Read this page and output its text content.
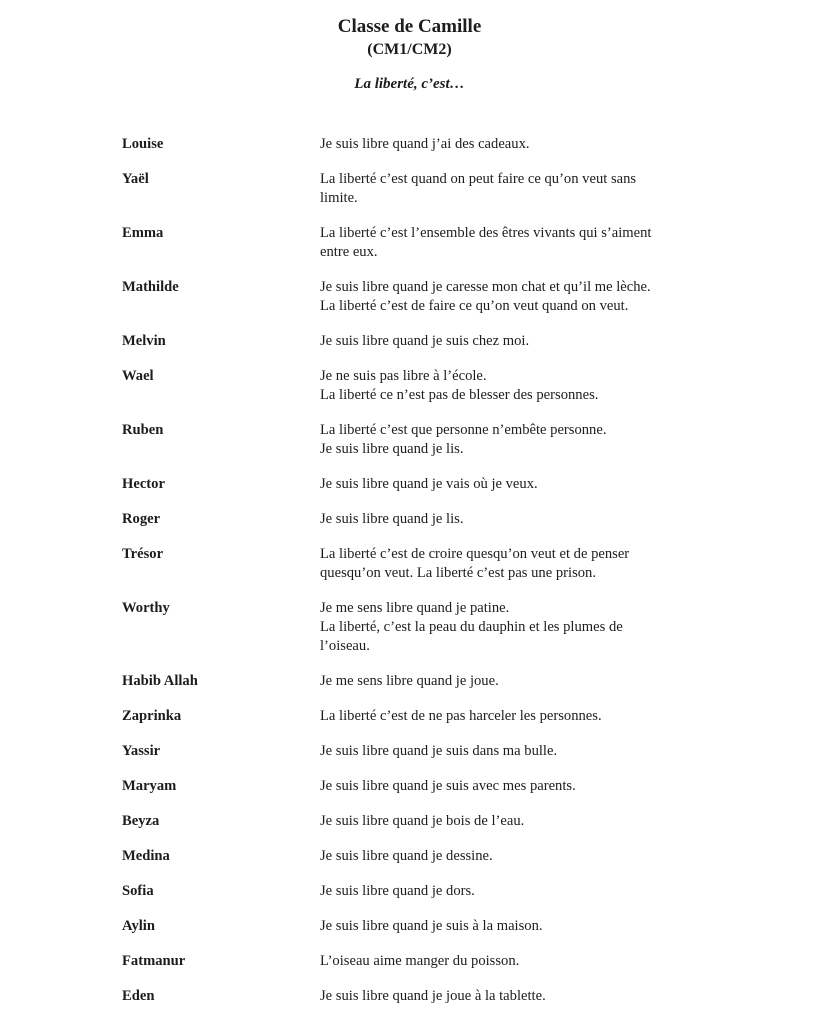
Classe de Camille
(CM1/CM2)
La liberté, c’est…
Louise	Je suis libre quand j’ai des cadeaux.
Yaël	La liberté c’est quand on peut faire ce qu’on veut sans
limite.
Emma	La liberté c’est l’ensemble des êtres vivants qui s’aiment
entre eux.
Mathilde	Je suis libre quand je caresse mon chat et qu’il me lèche.
La liberté c’est de faire ce qu’on veut quand on veut.
Melvin	Je suis libre quand je suis chez moi.
Wael	Je ne suis pas libre à l’école.
La liberté ce n’est pas de blesser des personnes.
Ruben	La liberté c’est que personne n’embête personne.
Je suis libre quand je lis.
Hector	Je suis libre quand je vais où je veux.
Roger	Je suis libre quand je lis.
Trésor	La liberté c’est de croire quesqu’on veut et de penser
quesqu’on veut. La liberté c’est pas une prison.
Worthy	Je me sens libre quand je patine.
La liberté, c’est la peau du dauphin et les plumes de
l’oiseau.
Habib Allah	Je me sens libre quand je joue.
Zaprinka	La liberté c’est de ne pas harceler les personnes.
Yassir	Je suis libre quand je suis dans ma bulle.
Maryam	Je suis libre quand je suis avec mes parents.
Beyza	Je suis libre quand je bois de l’eau.
Medina	Je suis libre quand je dessine.
Sofia	Je suis libre quand je dors.
Aylin	Je suis libre quand je suis à la maison.
Fatmanur	L’oiseau aime manger du poisson.
Eden	Je suis libre quand je joue à la tablette.
